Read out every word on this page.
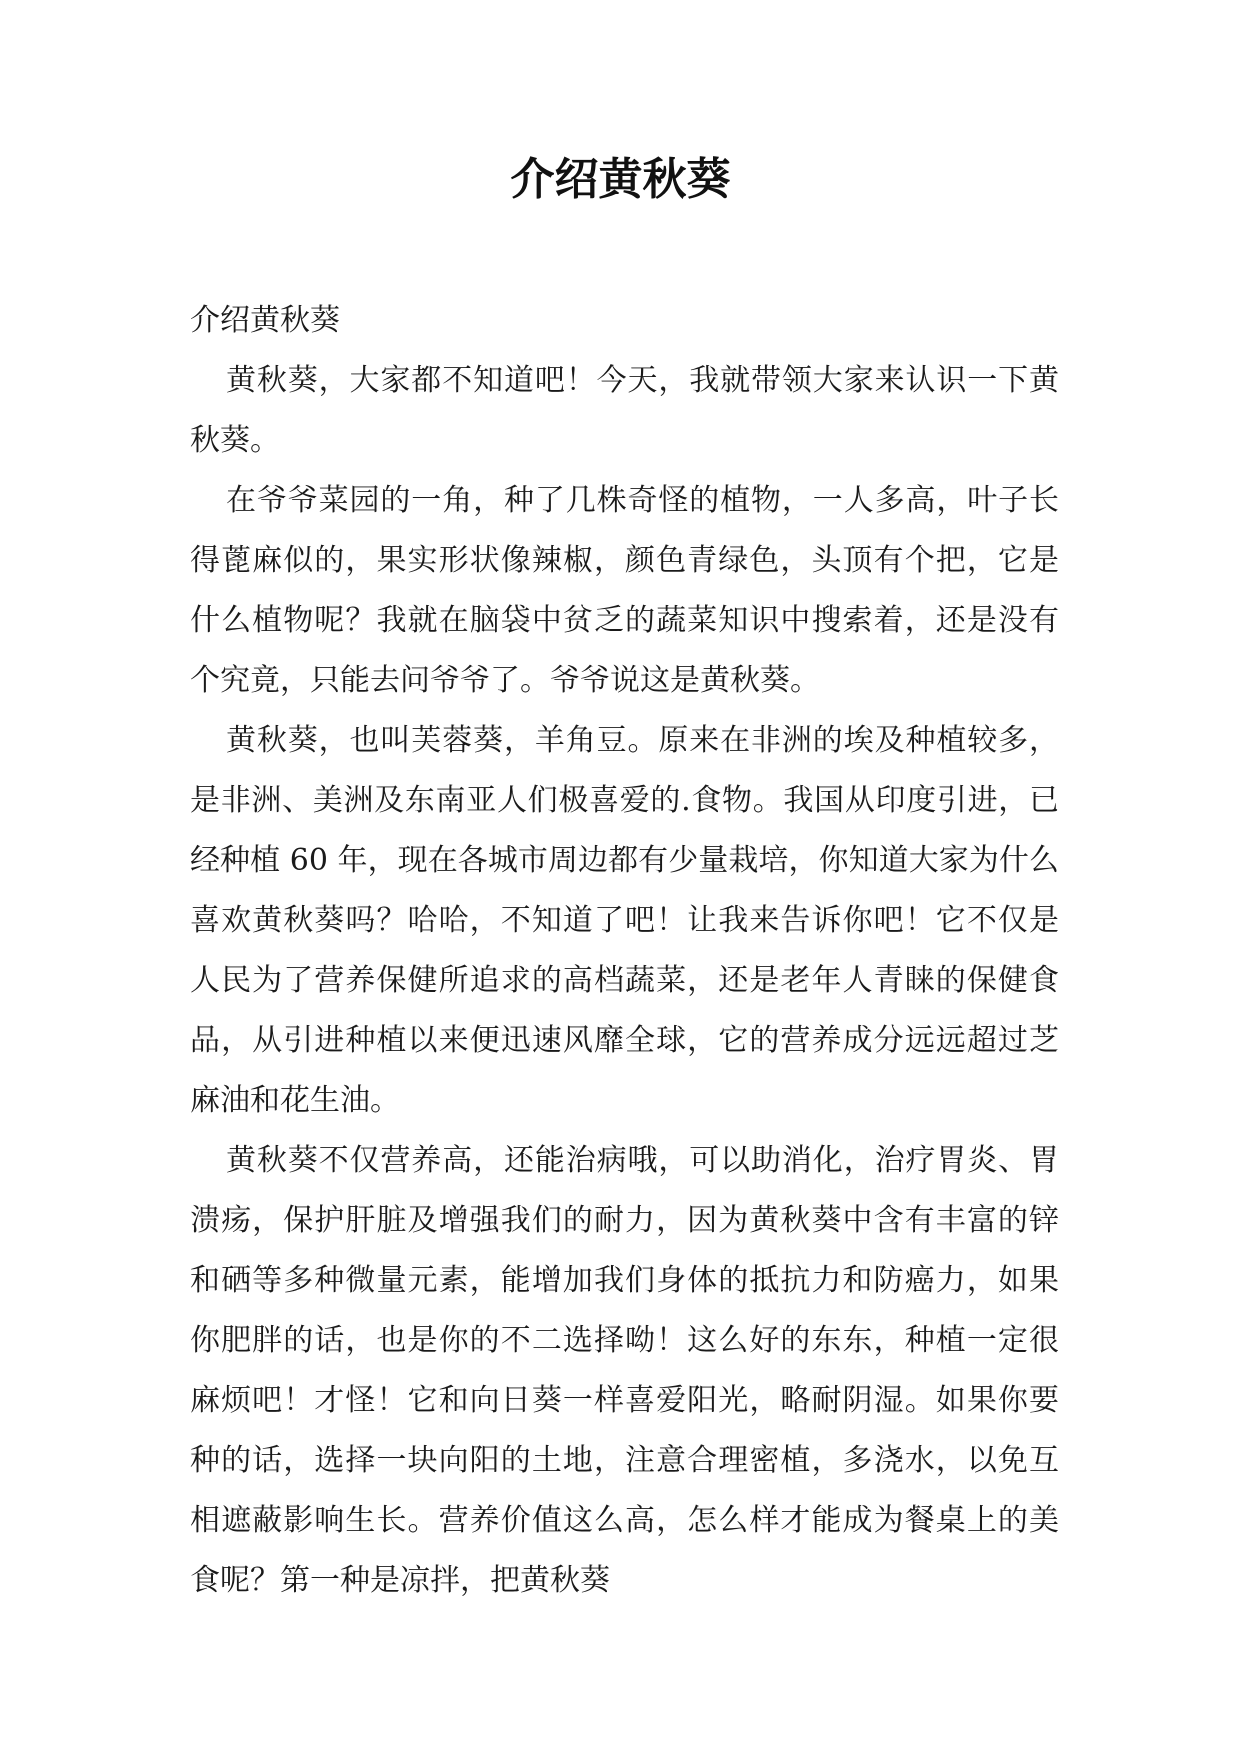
介绍黄秋葵

介绍黄秋葵

黄秋葵，大家都不知道吧！今天，我就带领大家来认识一下黄秋葵。

在爷爷菜园的一角，种了几株奇怪的植物，一人多高，叶子长得蓖麻似的，果实形状像辣椒，颜色青绿色，头顶有个把，它是什么植物呢？我就在脑袋中贫乏的蔬菜知识中搜索着，还是没有个究竟，只能去问爷爷了。爷爷说这是黄秋葵。

黄秋葵，也叫芙蓉葵，羊角豆。原来在非洲的埃及种植较多，是非洲、美洲及东南亚人们极喜爱的.食物。我国从印度引进，已经种植 60 年，现在各城市周边都有少量栽培，你知道大家为什么喜欢黄秋葵吗？哈哈，不知道了吧！让我来告诉你吧！它不仅是人民为了营养保健所追求的高档蔬菜，还是老年人青睐的保健食品，从引进种植以来便迅速风靡全球，它的营养成分远远超过芝麻油和花生油。

黄秋葵不仅营养高，还能治病哦，可以助消化，治疗胃炎、胃溃疡，保护肝脏及增强我们的耐力，因为黄秋葵中含有丰富的锌和硒等多种微量元素，能增加我们身体的抵抗力和防癌力，如果你肥胖的话，也是你的不二选择呦！这么好的东东，种植一定很麻烦吧！才怪！它和向日葵一样喜爱阳光，略耐阴湿。如果你要种的话，选择一块向阳的土地，注意合理密植，多浇水，以免互相遮蔽影响生长。营养价值这么高，怎么样才能成为餐桌上的美食呢？第一种是凉拌，把黄秋葵
